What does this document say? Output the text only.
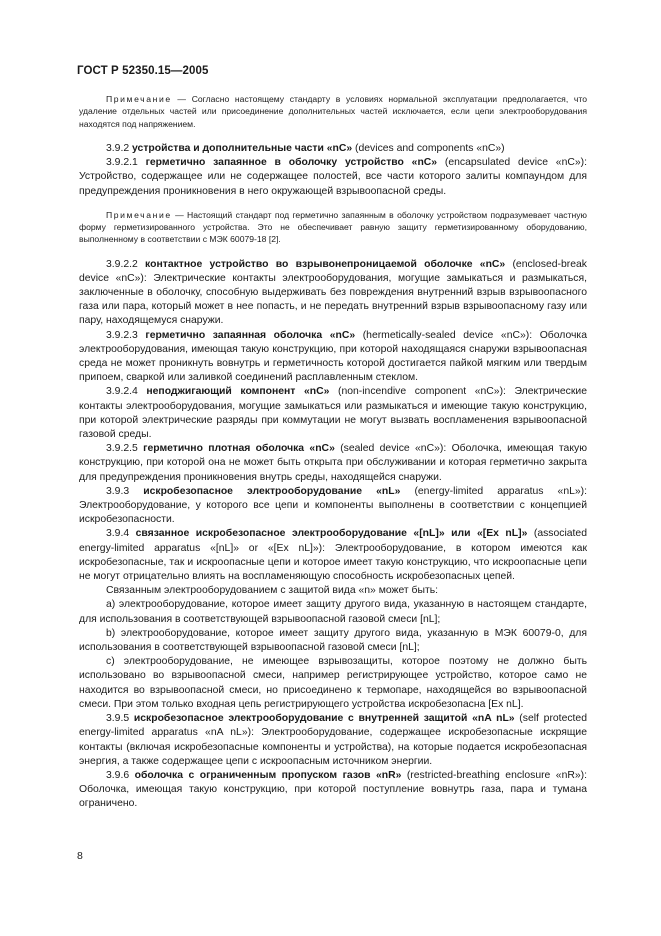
ГОСТ Р 52350.15—2005

Примечание — Согласно настоящему стандарту в условиях нормальной эксплуатации предполагается, что удаление отдельных частей или присоединение дополнительных частей исключается, если цепи электрооборудования находятся под напряжением.

3.9.2 устройства и дополнительные части «nC» (devices and components «nC»)

3.9.2.1 герметично запаянное в оболочку устройство «nC» (encapsulated device «nC»): Устройство, содержащее или не содержащее полостей, все части которого залиты компаундом для предупреждения проникновения в него окружающей взрывоопасной среды.

Примечание — Настоящий стандарт под герметично запаянным в оболочку устройством подразумевает частную форму герметизированного устройства. Это не обеспечивает равную защиту герметизированному оборудованию, выполненному в соответствии с МЭК 60079-18 [2].

3.9.2.2 контактное устройство во взрывонепроницаемой оболочке «nC» (enclosed-break device «nC»): Электрические контакты электрооборудования, могущие замыкаться и размыкаться, заключенные в оболочку, способную выдерживать без повреждения внутренний взрыв взрывоопасного газа или пара, который может в нее попасть, и не передать внутренний взрыв взрывоопасному газу или пару, находящемуся снаружи.

3.9.2.3 герметично запаянная оболочка «nC» (hermetically-sealed device «nC»): Оболочка электрооборудования, имеющая такую конструкцию, при которой находящаяся снаружи взрывоопасная среда не может проникнуть вовнутрь и герметичность которой достигается пайкой мягким или твердым припоем, сваркой или заливкой соединений расплавленным стеклом.

3.9.2.4 неподжигающий компонент «nC» (non-incendive component «nC»): Электрические контакты электрооборудования, могущие замыкаться или размыкаться и имеющие такую конструкцию, при которой электрические разряды при коммутации не могут вызвать воспламенения взрывоопасной газовой среды.

3.9.2.5 герметично плотная оболочка «nC» (sealed device «nC»): Оболочка, имеющая такую конструкцию, при которой она не может быть открыта при обслуживании и которая герметично закрыта для предупреждения проникновения внутрь среды, находящейся снаружи.

3.9.3 искробезопасное электрооборудование «nL» (energy-limited apparatus «nL»): Электрооборудование, у которого все цепи и компоненты выполнены в соответствии с концепцией искробезопасности.

3.9.4 связанное искробезопасное электрооборудование «[nL]» или «[Ex nL]» (associated energy-limited apparatus «[nL]» or «[Ex nL]»): Электрооборудование, в котором имеются как искробезопасные, так и искроопасные цепи и которое имеет такую конструкцию, что искроопасные цепи не могут отрицательно влиять на воспламеняющую способность искробезопасных цепей.

Связанным электрооборудованием с защитой вида «n» может быть:

a) электрооборудование, которое имеет защиту другого вида, указанную в настоящем стандарте, для использования в соответствующей взрывоопасной газовой смеси [nL];

b) электрооборудование, которое имеет защиту другого вида, указанную в МЭК 60079-0, для использования в соответствующей взрывоопасной газовой смеси [nL];

c) электрооборудование, не имеющее взрывозащиты, которое поэтому не должно быть использовано во взрывоопасной смеси, например регистрирующее устройство, которое само не находится во взрывоопасной смеси, но присоединено к термопаре, находящейся во взрывоопасной смеси. При этом только входная цепь регистрирующего устройства искробезопасна [Ex nL].

3.9.5 искробезопасное электрооборудование с внутренней защитой «nA nL» (self protected energy-limited apparatus «nA nL»): Электрооборудование, содержащее искробезопасные искрящие контакты (включая искробезопасные компоненты и устройства), на которые подается искробезопасная энергия, а также содержащее цепи с искроопасным источником энергии.

3.9.6 оболочка с ограниченным пропуском газов «nR» (restricted-breathing enclosure «nR»): Оболочка, имеющая такую конструкцию, при которой поступление вовнутрь газа, пара и тумана ограничено.

8
